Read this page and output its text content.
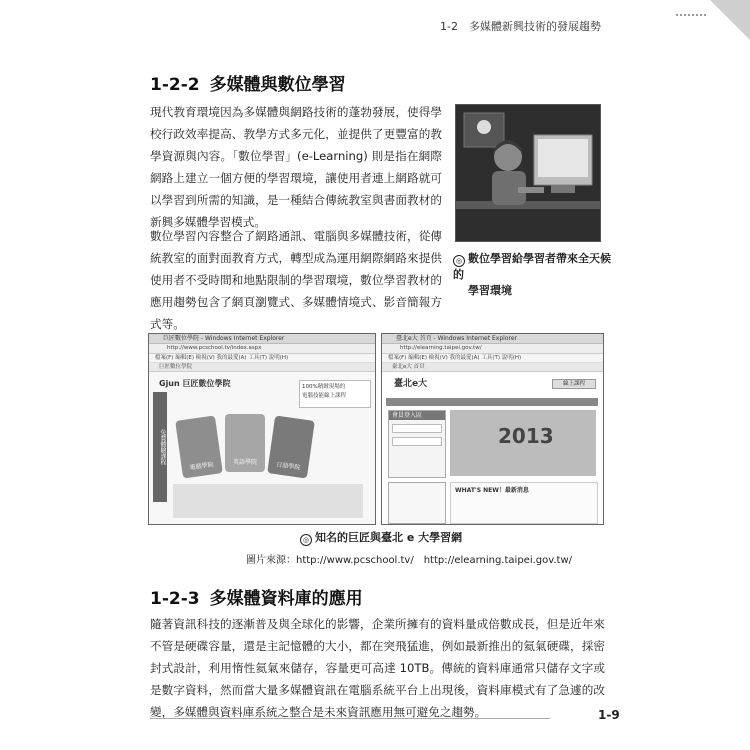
1-2　多媒體新興技術的發展趨勢
1-2-2 多媒體與數位學習
現代教育環境因為多媒體與網路技術的蓬勃發展，使得學校行政效率提高、教學方式多元化，並提供了更豐富的教學資源與內容。「數位學習」(e-Learning) 則是指在網際網路上建立一個方便的學習環境，讓使用者連上網路就可以學習到所需的知識，是一種結合傳統教室與書面教材的新興多媒體學習模式。
數位學習內容整合了網路通訊、電腦與多媒體技術，從傳統教室的面對面教育方式，轉型成為運用網際網路來提供使用者不受時間和地點限制的學習環境，數位學習教材的應用趨勢包含了網頁瀏覽式、多媒體情境式、影音簡報方式等。
◎ 數位學習給學習者帶來全天候的
學習環境
巨匠數位學院 - Windows Internet Explorer
http://www.pcschool.tv/index.aspx
檔案(F) 編輯(E) 檢視(V) 我的最愛(A) 工具(T) 說明(H)
巨匠數位學院
Gjun 巨匠數位學院	100%精緻現場的
電腦技能線上課程
免費體驗課程
電腦學院	英語學院	日語學院
臺北e大 首頁 - Windows Internet Explorer
http://elearning.taipei.gov.tw/
檔案(F) 編輯(E) 檢視(V) 我的最愛(A) 工具(T) 說明(H)
臺北e大 首頁
臺北e大	線上課程
會員登入區
2013
WHAT'S NEW！最新消息
◎ 知名的巨匠與臺北 e 大學習網
圖片來源：http://www.pcschool.tv/　http://elearning.taipei.gov.tw/
1-2-3 多媒體資料庫的應用
隨著資訊科技的逐漸普及與全球化的影響，企業所擁有的資料量成倍數成長，但是近年來不管是硬碟容量，還是主記憶體的大小，都在突飛猛進，例如最新推出的氦氣硬碟，採密封式設計，利用惰性氦氣來儲存，容量更可高達 10TB。傳統的資料庫通常只儲存文字或是數字資料，然而當大量多媒體資訊在電腦系統平台上出現後，資料庫模式有了急遽的改變，多媒體與資料庫系統之整合是未來資訊應用無可避免之趨勢。	1-9
